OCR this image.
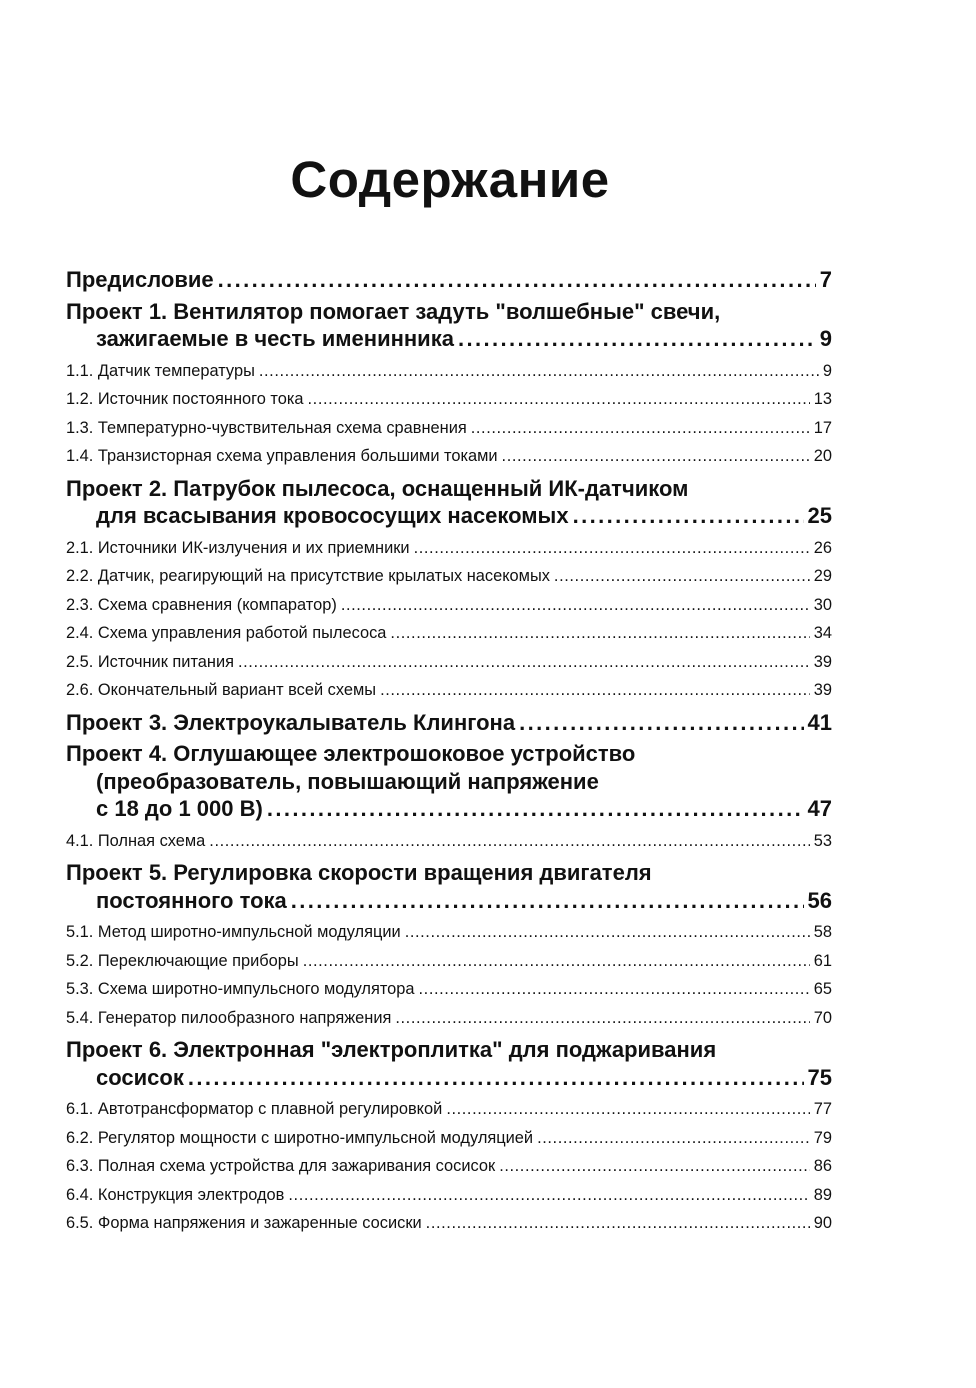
Содержание
Предисловие .....	7
Проект 1. Вентилятор помогает задуть "волшебные" свечи,
зажигаемые в честь именинника .....	9
1.1. Датчик температуры .....	9
1.2. Источник постоянного тока .....	13
1.3. Температурно-чувствительная схема сравнения .....	17
1.4. Транзисторная схема управления большими токами .....	20
Проект 2. Патрубок пылесоса, оснащенный ИК-датчиком
для всасывания кровососущих насекомых .....	25
2.1. Источники ИК-излучения и их приемники .....	26
2.2. Датчик, реагирующий на присутствие крылатых насекомых .....	29
2.3. Схема сравнения (компаратор) .....	30
2.4. Схема управления работой пылесоса .....	34
2.5. Источник питания .....	39
2.6. Окончательный вариант всей схемы .....	39
Проект 3. Электроукалыватель Клингона .....	41
Проект 4. Оглушающее электрошоковое устройство
(преобразователь, повышающий напряжение
с 18 до 1 000 В) .....	47
4.1. Полная схема .....	53
Проект 5. Регулировка скорости вращения двигателя
постоянного тока .....	56
5.1. Метод широтно-импульсной модуляции .....	58
5.2. Переключающие приборы .....	61
5.3. Схема широтно-импульсного модулятора .....	65
5.4. Генератор пилообразного напряжения .....	70
Проект 6. Электронная "электроплитка" для поджаривания
сосисок .....	75
6.1. Автотрансформатор с плавной регулировкой .....	77
6.2. Регулятор мощности с широтно-импульсной модуляцией .....	79
6.3. Полная схема устройства для зажаривания сосисок .....	86
6.4. Конструкция электродов .....	89
6.5. Форма напряжения и зажаренные сосиски .....	90
